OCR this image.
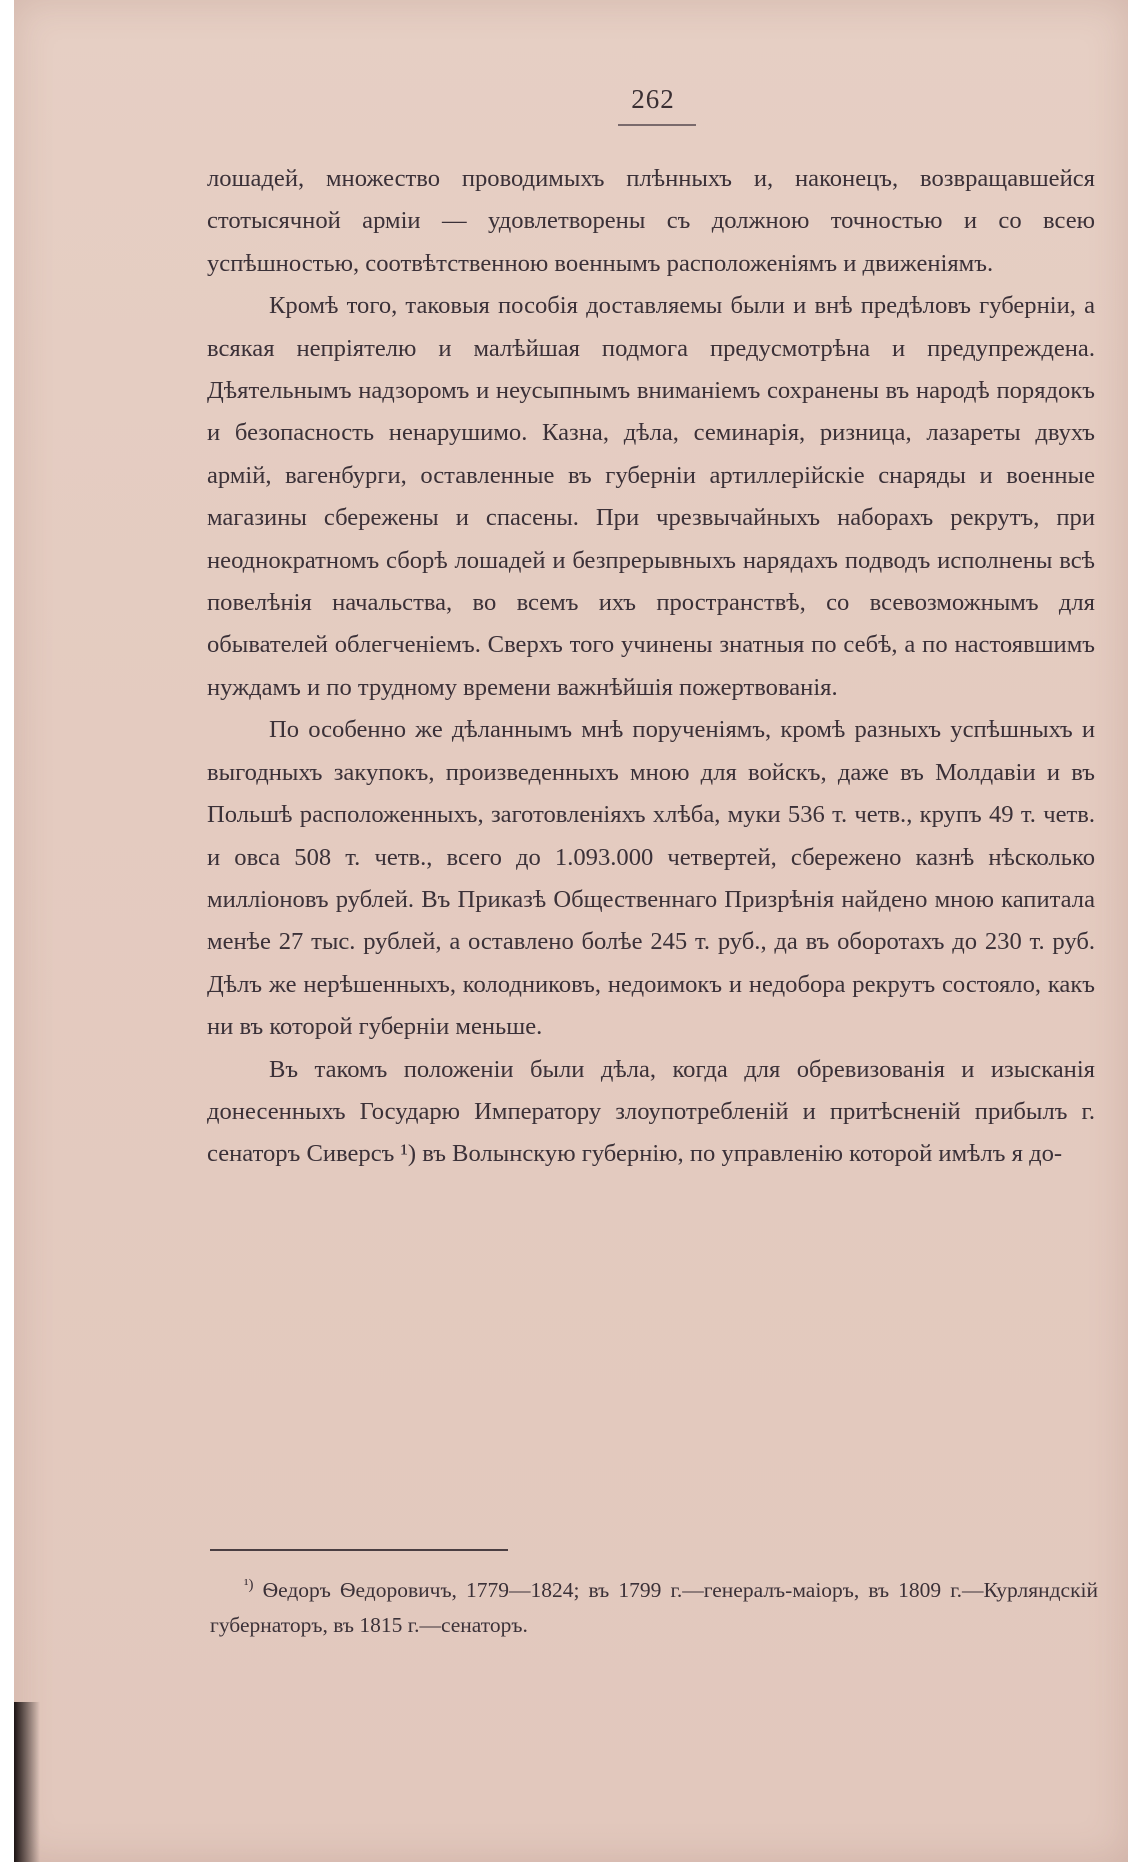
262

лошадей, множество проводимыхъ плѣнныхъ и, наконецъ, возвращавшейся стотысячной арміи — удовлетворены съ должною точностью и со всею успѣшностью, соотвѣтственною военнымъ расположеніямъ и движеніямъ.

Кромѣ того, таковыя пособія доставляемы были и внѣ предѣловъ губерніи, а всякая непріятелю и малѣйшая подмога предусмотрѣна и предупреждена. Дѣятельнымъ надзоромъ и неусыпнымъ вниманіемъ сохранены въ народѣ порядокъ и безопасность ненарушимо. Казна, дѣла, семинарія, ризница, лазареты двухъ армій, вагенбурги, оставленные въ губерніи артиллерійскіе снаряды и военные магазины сбережены и спасены. При чрезвычайныхъ наборахъ рекрутъ, при неоднократномъ сборѣ лошадей и безпрерывныхъ нарядахъ подводъ исполнены всѣ повелѣнія начальства, во всемъ ихъ пространствѣ, со всевозможнымъ для обывателей облегченіемъ. Сверхъ того учинены знатныя по себѣ, а по настоявшимъ нуждамъ и по трудному времени важнѣйшія пожертвованія.

По особенно же дѣланнымъ мнѣ порученіямъ, кромѣ разныхъ успѣшныхъ и выгодныхъ закупокъ, произведенныхъ мною для войскъ, даже въ Молдавіи и въ Польшѣ расположенныхъ, заготовленіяхъ хлѣба, муки 536 т. четв., крупъ 49 т. четв. и овса 508 т. четв., всего до 1.093.000 четвертей, сбережено казнѣ нѣсколько милліоновъ рублей. Въ Приказѣ Общественнаго Призрѣнія найдено мною капитала менѣе 27 тыс. рублей, а оставлено болѣе 245 т. руб., да въ оборотахъ до 230 т. руб. Дѣлъ же нерѣшенныхъ, колодниковъ, недоимокъ и недобора рекрутъ состояло, какъ ни въ которой губерніи меньше.

Въ такомъ положеніи были дѣла, когда для обревизованія и изысканія донесенныхъ Государю Императору злоупотребленій и притѣсненій прибылъ г. сенаторъ Сиверсъ ¹) въ Волынскую губернію, по управленію которой имѣлъ я до-

$^{^1)}$ Ѳедоръ Ѳедоровичъ, 1779—1824; въ 1799 г.—генералъ-маіоръ, въ 1809 г.—Курляндскій губернаторъ, въ 1815 г.—сенаторъ.
